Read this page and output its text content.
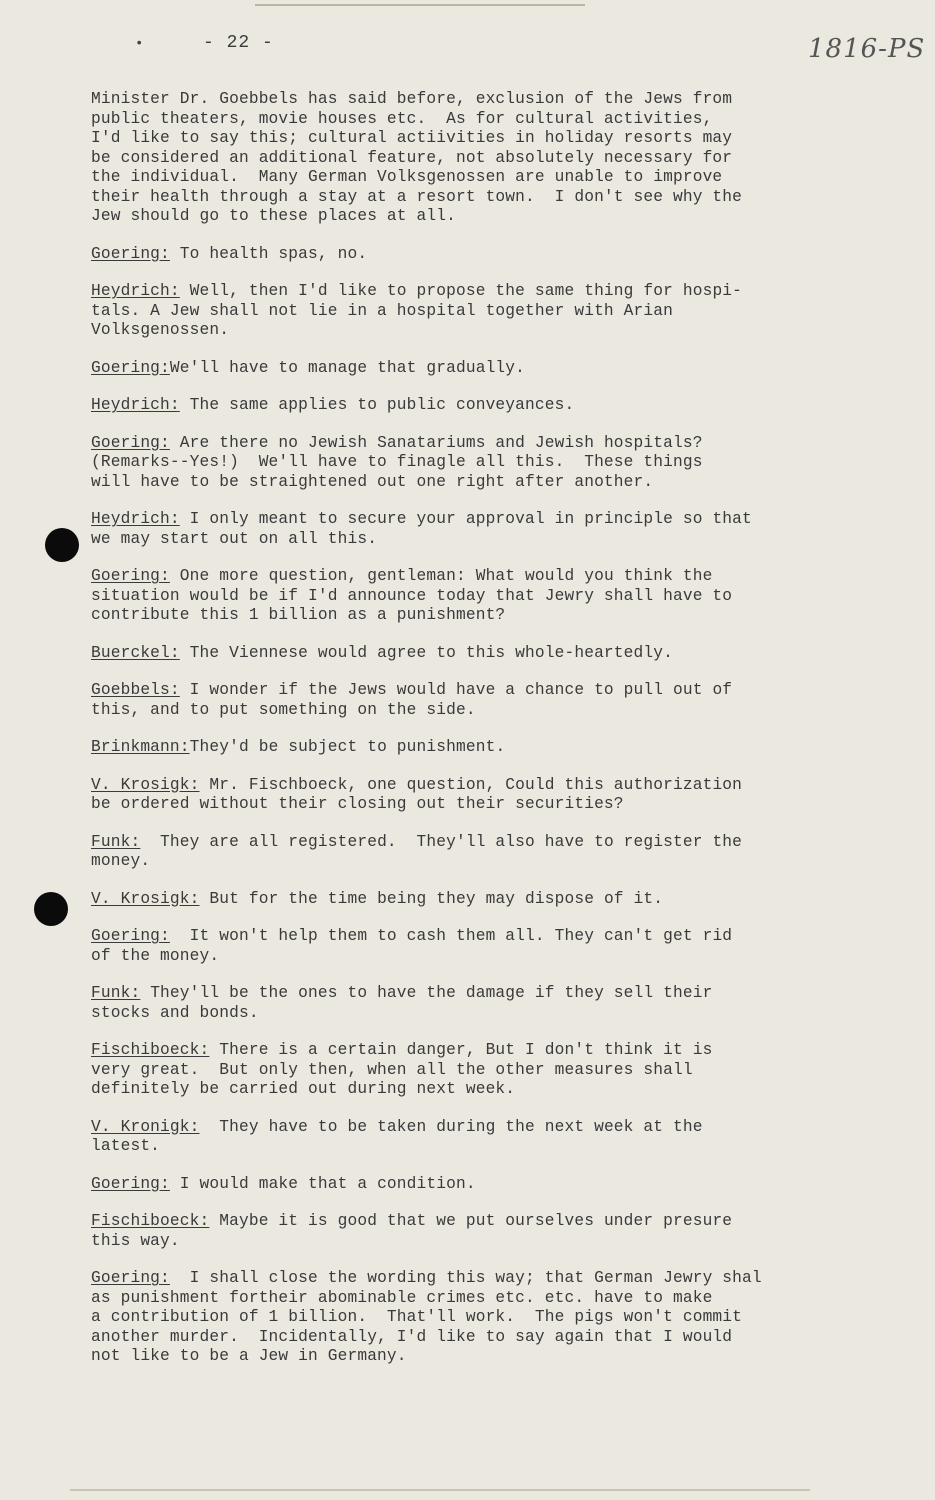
•	- 22 -	1816-PS
Minister Dr. Goebbels has said before, exclusion of the Jews from
public theaters, movie houses etc.  As for cultural activities,
I'd like to say this; cultural actiivities in holiday resorts may
be considered an additional feature, not absolutely necessary for
the individual.  Many German Volksgenossen are unable to improve
their health through a stay at a resort town.  I don't see why the
Jew should go to these places at all.
Goering: To health spas, no.
Heydrich: Well, then I'd like to propose the same thing for hospi-
tals. A Jew shall not lie in a hospital together with Arian
Volksgenossen.
Goering:We'll have to manage that gradually.
Heydrich: The same applies to public conveyances.
Goering: Are there no Jewish Sanatariums and Jewish hospitals?
(Remarks--Yes!)  We'll have to finagle all this.  These things
will have to be straightened out one right after another.
Heydrich: I only meant to secure your approval in principle so that
we may start out on all this.
Goering: One more question, gentleman: What would you think the
situation would be if I'd announce today that Jewry shall have to
contribute this 1 billion as a punishment?
Buerckel: The Viennese would agree to this whole-heartedly.
Goebbels: I wonder if the Jews would have a chance to pull out of
this, and to put something on the side.
Brinkmann:They'd be subject to punishment.
V. Krosigk: Mr. Fischboeck, one question, Could this authorization
be ordered without their closing out their securities?
Funk:  They are all registered.  They'll also have to register the
money.
V. Krosigk: But for the time being they may dispose of it.
Goering:  It won't help them to cash them all. They can't get rid
of the money.
Funk: They'll be the ones to have the damage if they sell their
stocks and bonds.
Fischiboeck: There is a certain danger, But I don't think it is
very great.  But only then, when all the other measures shall
definitely be carried out during next week.
V. Kronigk:  They have to be taken during the next week at the
latest.
Goering: I would make that a condition.
Fischiboeck: Maybe it is good that we put ourselves under presure
this way.
Goering:  I shall close the wording this way; that German Jewry shal
as punishment fortheir abominable crimes etc. etc. have to make
a contribution of 1 billion.  That'll work.  The pigs won't commit
another murder.  Incidentally, I'd like to say again that I would
not like to be a Jew in Germany.
